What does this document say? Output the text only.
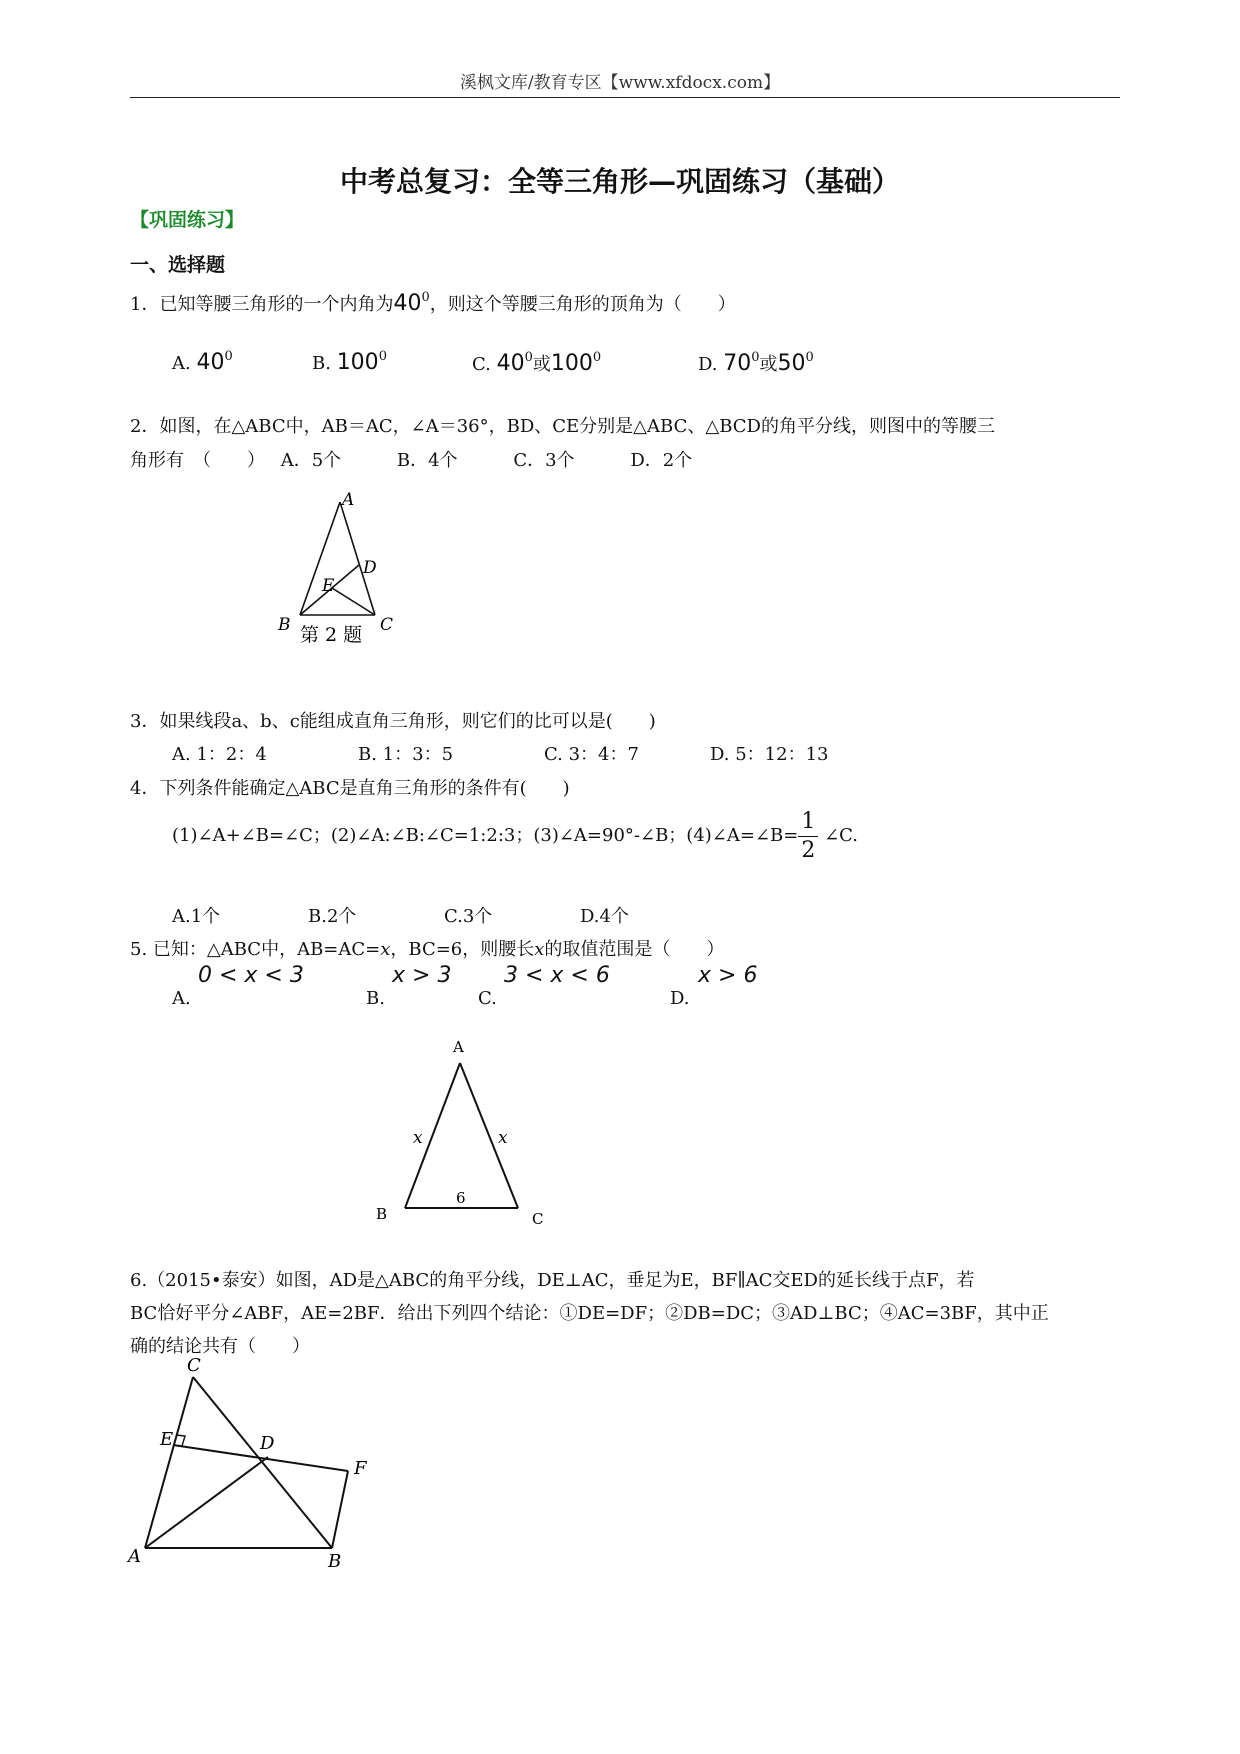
溪枫文库/教育专区【www.xfdocx.com】
中考总复习：全等三角形—巩固练习（基础）
【巩固练习】
一、选择题
1．已知等腰三角形的一个内角为$40^0$，则这个等腰三角形的顶角为（　　）
A. $40^0$	B. $100^0$	C. $40^0$或$100^0$	D. $70^0$或$50^0$
2．如图，在△ABC中，AB＝AC，∠A＝36°，BD、CE分别是△ABC、△BCD的角平分线，则图中的等腰三
角形有　（　　） A．5个	B．4个	C．3个	D．2个
A
B	C
D
E
第 2 题
3．如果线段a、b、c能组成直角三角形，则它们的比可以是(　　)
A. 1：2：4	B. 1：3：5	C. 3：4：7	D. 5：12：13
4．下列条件能确定△ABC是直角三角形的条件有(　　)
(1)∠A+∠B=∠C；(2)∠A:∠B:∠C=1:2:3；(3)∠A=90°-∠B；(4)∠A=∠B= $\frac{1}{2}$ ∠C.
A.1个	B.2个	C.3个	D.4个
5. 已知：△ABC中，AB=AC=x，BC=6，则腰长x的取值范围是（　　）
A.
0 < x < 3
B.
x > 3
C.
3 < x < 6
D.
x > 6
A
B	C
x	x
6
6.（2015•泰安）如图，AD是△ABC的角平分线，DE⊥AC，垂足为E，BF∥AC交ED的延长线于点F，若
BC恰好平分∠ABF，AE=2BF．给出下列四个结论：①DE=DF；②DB=DC；③AD⊥BC；④AC=3BF，其中正
确的结论共有（　　）
C
E	D
F
A	B
